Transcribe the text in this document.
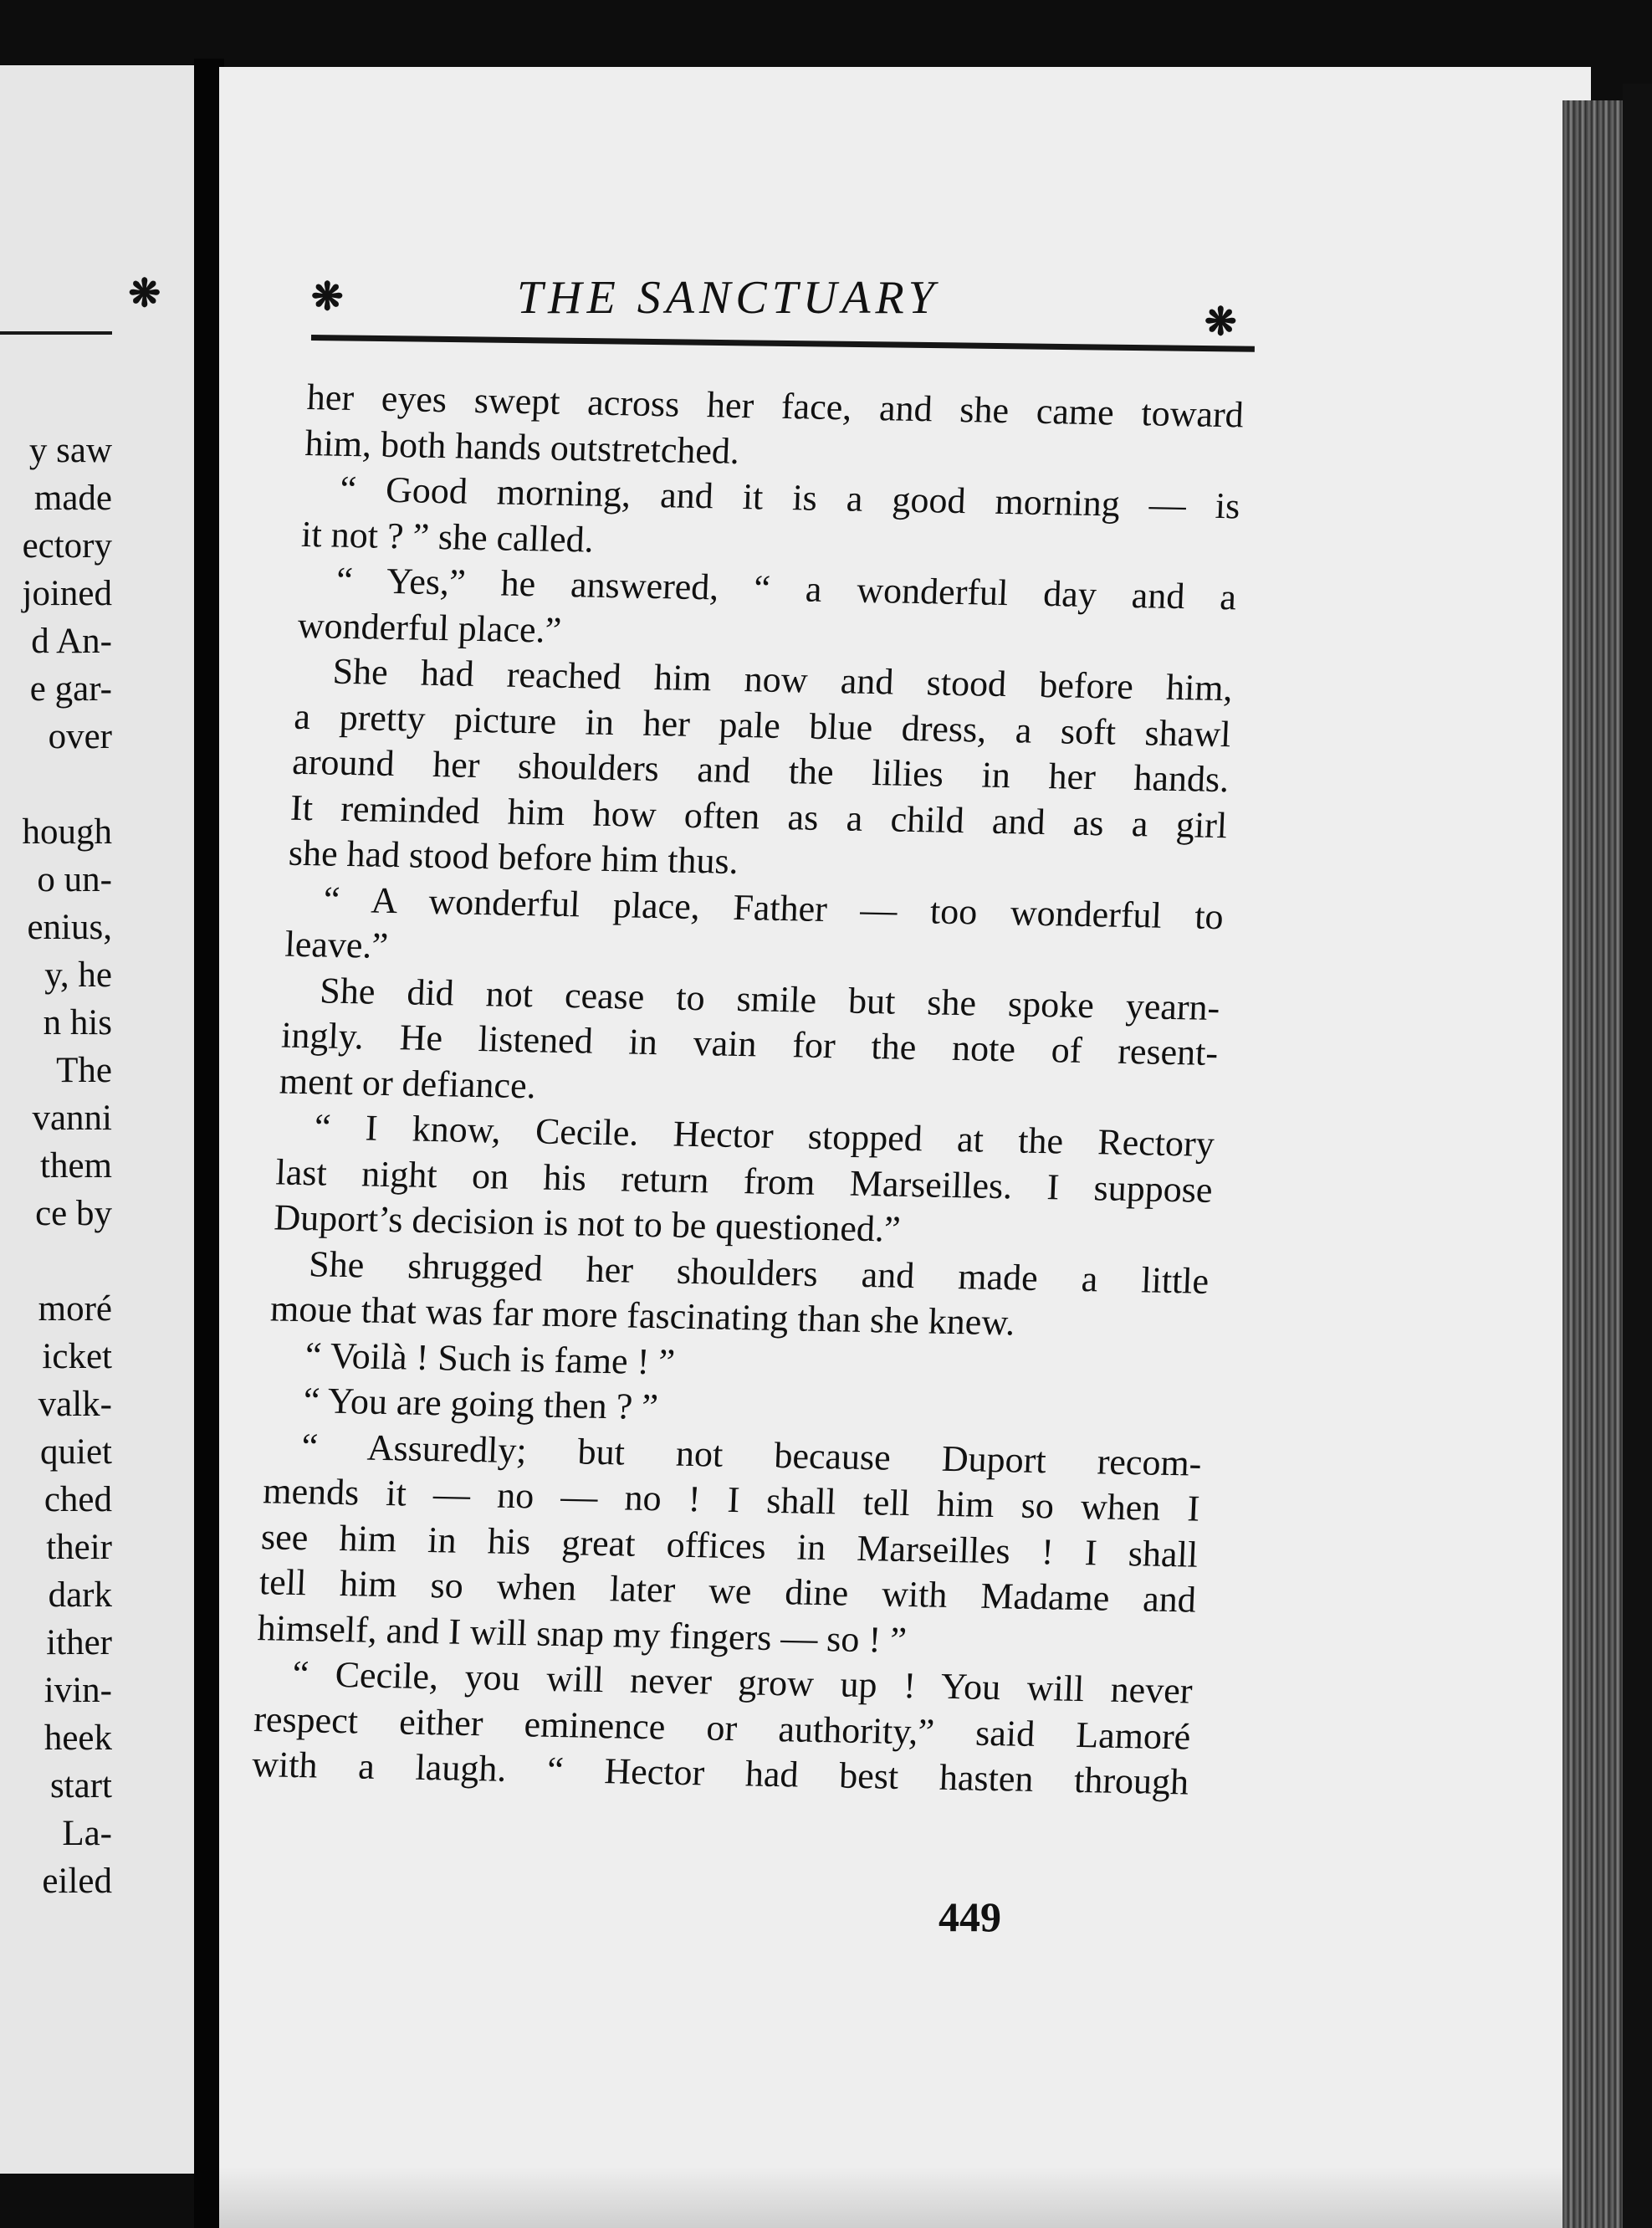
❋
y saw
made
ectory
joined
d An-
e gar-
over
hough
o un-
enius,
y, he
n his
The
vanni
them
ce by
moré
icket
valk-
quiet
ched
their
dark
ither
ivin-
heek
start
La-
eiled
❋	THE SANCTUARY	❋
her eyes swept across her face, and she came toward
him, both hands outstretched.
“ Good morning, and it is a good morning — is
it not ? ” she called.
“ Yes,” he answered, “ a wonderful day and a
wonderful place.”
She had reached him now and stood before him,
a pretty picture in her pale blue dress, a soft shawl
around her shoulders and the lilies in her hands.
It reminded him how often as a child and as a girl
she had stood before him thus.
“ A wonderful place, Father — too wonderful to
leave.”
She did not cease to smile but she spoke yearn-
ingly. He listened in vain for the note of resent-
ment or defiance.
“ I know, Cecile. Hector stopped at the Rectory
last night on his return from Marseilles. I suppose
Duport’s decision is not to be questioned.”
She shrugged her shoulders and made a little
moue that was far more fascinating than she knew.
“ Voilà ! Such is fame ! ”
“ You are going then ? ”
“ Assuredly; but not because Duport recom-
mends it — no — no ! I shall tell him so when I
see him in his great offices in Marseilles ! I shall
tell him so when later we dine with Madame and
himself, and I will snap my fingers — so ! ”
“ Cecile, you will never grow up ! You will never
respect either eminence or authority,” said Lamoré
with a laugh. “ Hector had best hasten through
449
